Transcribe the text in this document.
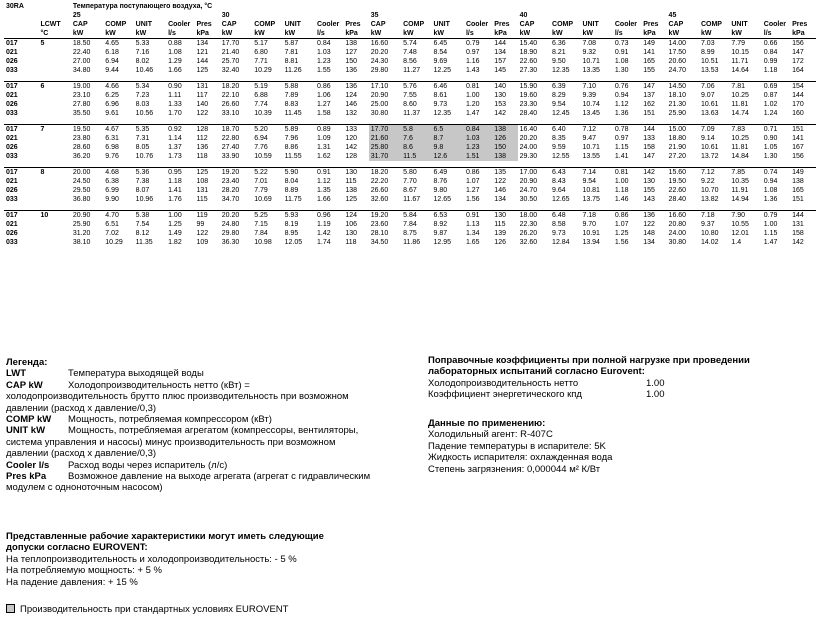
30RA		Температура поступающего воздуха, °С																								
		25					30					35					40					45				
	LCWT	CAP	COMP	UNIT	Cooler	Pres	CAP	COMP	UNIT	Cooler	Pres	CAP	COMP	UNIT	Cooler	Pres	CAP	COMP	UNIT	Cooler	Pres	CAP	COMP	UNIT	Cooler	Pres
	°C	kW	kW	kW	l/s	kPa	kW	kW	kW	l/s	kPa	kW	kW	kW	l/s	kPa	kW	kW	kW	l/s	kPa	kW	kW	kW	l/s	kPa
017	5	18.50	4.65	5.33	0.88	134	17.70	5.17	5.87	0.84	138	16.60	5.74	6.45	0.79	144	15.40	6.36	7.08	0.73	149	14.00	7.03	7.79	0.66	156
021		22.40	6.18	7.16	1.08	121	21.40	6.80	7.81	1.03	127	20.20	7.48	8.54	0.97	134	18.90	8.21	9.32	0.91	141	17.50	8.99	10.15	0.84	147
026		27.00	6.94	8.02	1.29	144	25.70	7.71	8.81	1.23	150	24.30	8.56	9.69	1.16	157	22.60	9.50	10.71	1.08	165	20.60	10.51	11.71	0.99	172
033		34.80	9.44	10.46	1.66	125	32.40	10.29	11.26	1.55	136	29.80	11.27	12.25	1.43	145	27.30	12.35	13.35	1.30	155	24.70	13.53	14.64	1.18	164

017	6	19.00	4.66	5.34	0.90	131	18.20	5.19	5.88	0.86	136	17.10	5.76	6.46	0.81	140	15.90	6.39	7.10	0.76	147	14.50	7.06	7.81	0.69	154
021		23.10	6.25	7.23	1.11	117	22.10	6.88	7.89	1.06	124	20.90	7.55	8.61	1.00	130	19.60	8.29	9.39	0.94	137	18.10	9.07	10.25	0.87	144
026		27.80	6.96	8.03	1.33	140	26.60	7.74	8.83	1.27	146	25.00	8.60	9.73	1.20	153	23.30	9.54	10.74	1.12	162	21.30	10.61	11.81	1.02	170
033		35.50	9.61	10.56	1.70	122	33.10	10.39	11.45	1.58	132	30.80	11.37	12.35	1.47	142	28.40	12.45	13.45	1.36	151	25.90	13.63	14.74	1.24	160

017	7	19.50	4.67	5.35	0.92	128	18.70	5.20	5.89	0.89	133	17.70	5.8	6.5	0.84	138	16.40	6.40	7.12	0.78	144	15.00	7.09	7.83	0.71	151
021		23.80	6.31	7.31	1.14	112	22.80	6.94	7.96	1.09	120	21.60	7.6	8.7	1.03	126	20.20	8.35	9.47	0.97	133	18.80	9.14	10.25	0.90	141
026		28.60	6.98	8.05	1.37	136	27.40	7.76	8.86	1.31	142	25.80	8.6	9.8	1.23	150	24.00	9.59	10.71	1.15	158	21.90	10.61	11.81	1.05	167
033		36.20	9.76	10.76	1.73	118	33.90	10.59	11.55	1.62	128	31.70	11.5	12.6	1.51	138	29.30	12.55	13.55	1.41	147	27.20	13.72	14.84	1.30	156

017	8	20.00	4.68	5.36	0.95	125	19.20	5.22	5.90	0.91	130	18.20	5.80	6.49	0.86	135	17.00	6.43	7.14	0.81	142	15.60	7.12	7.85	0.74	149
021		24.50	6.38	7.38	1.18	108	23.40	7.01	8.04	1.12	115	22.20	7.70	8.76	1.07	122	20.90	8.43	9.54	1.00	130	19.50	9.22	10.35	0.94	138
026		29.50	6.99	8.07	1.41	131	28.20	7.79	8.89	1.35	138	26.60	8.67	9.80	1.27	146	24.70	9.64	10.81	1.18	155	22.60	10.70	11.91	1.08	165
033		36.80	9.90	10.96	1.76	115	34.70	10.69	11.75	1.66	125	32.60	11.67	12.65	1.56	134	30.50	12.65	13.75	1.46	143	28.40	13.82	14.94	1.36	151

017	10	20.90	4.70	5.38	1.00	119	20.20	5.25	5.93	0.96	124	19.20	5.84	6.53	0.91	130	18.00	6.48	7.18	0.86	136	16.60	7.18	7.90	0.79	144
021		25.90	6.51	7.54	1.25	99	24.80	7.15	8.19	1.19	106	23.60	7.84	8.92	1.13	115	22.30	8.58	9.70	1.07	122	20.80	9.37	10.55	1.00	131
026		31.20	7.02	8.12	1.49	122	29.80	7.84	8.95	1.42	130	28.10	8.75	9.87	1.34	139	26.20	9.73	10.91	1.25	148	24.00	10.80	12.01	1.15	158
033		38.10	10.29	11.35	1.82	109	36.30	10.98	12.05	1.74	118	34.50	11.86	12.95	1.65	126	32.60	12.84	13.94	1.56	134	30.80	14.02	1.4	1.47	142
Легенда:
LWT	Температура выходящей воды
CAP kW	Холодопроизводительность нетто (кВт) =
холодопроизводительность брутто плюс производительность при возможном
давлении (расход х давление/0,3)
COMP kW Мощность, потребляемая компрессором (кВт)
UNIT kW Мощность, потребляемая агрегатом (компрессоры, вентиляторы,
система управления и насосы) минус производительность при возможном
давлении (расход х давление/0,3)
Cooler l/s Расход воды через испаритель (л/с)
Pres kPa Возможное давление на выходе агрегата (агрегат с гидравлическим
модулем с одноноточным насосом)
Представленные рабочие характеристики могут иметь следующие
допуски согласно EUROVENT:
На теплопроизводительность и холодопроизводительность: - 5 %
На потребляемую мощность: + 5 %
На падение давления: + 15 %
Производительность при стандартных условиях EUROVENT
Поправочные коэффициенты при полной нагрузке при проведении
лабораторных испытаний согласно Eurovent:
Холодопроизводительность нетто	1.00
Коэффициент энергетического кпд	1.00
Данные по применению:
Холодильный агент: R-407C
Падение температуры в испарителе: 5K
Жидкость испарителя: охлажденная вода
Степень загрязнения: 0,000044 м² К/Вт
